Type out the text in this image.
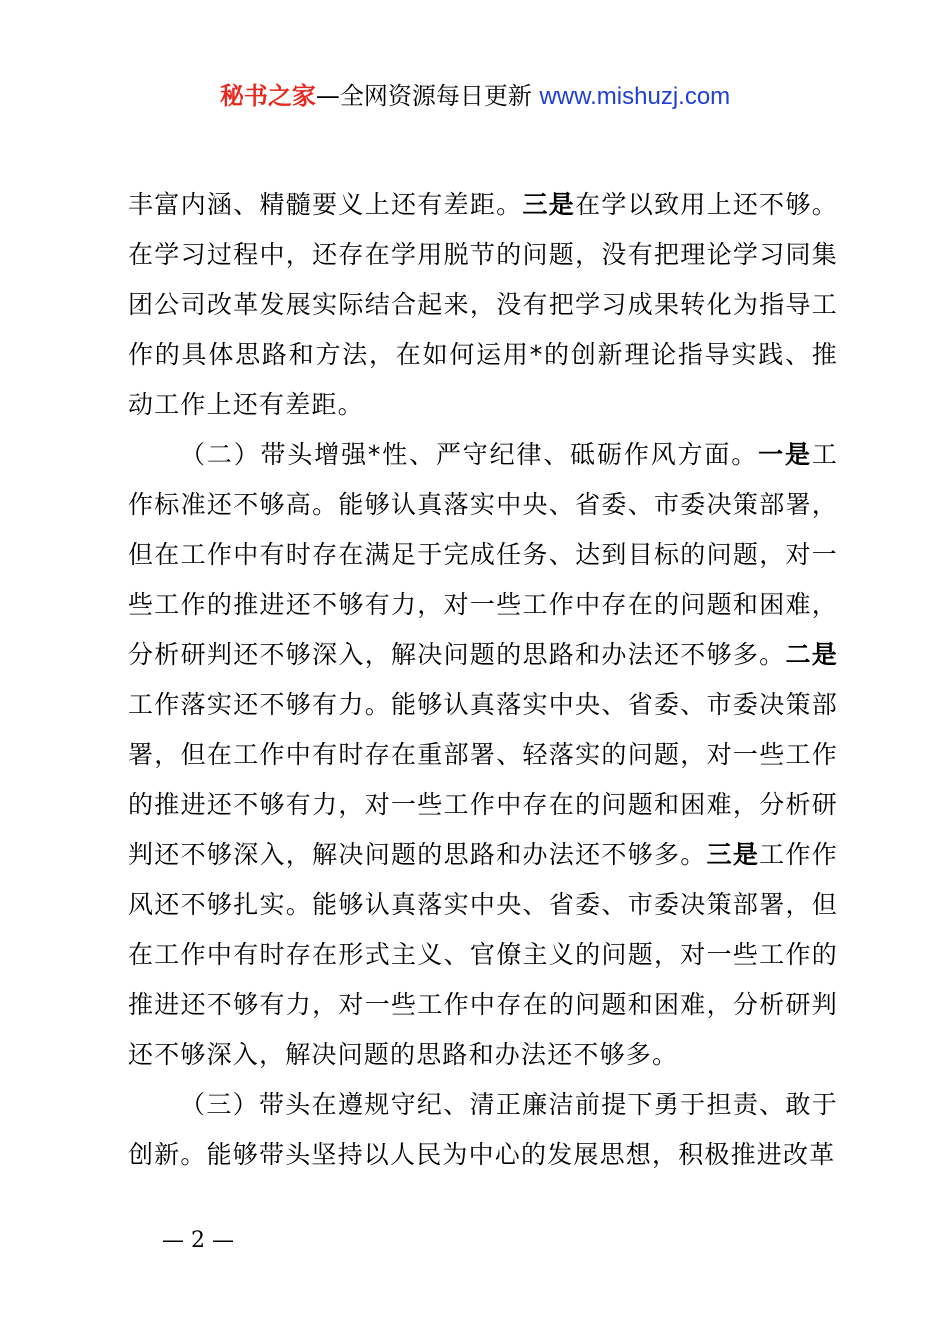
秘书之家—全网资源每日更新 www.mishuzj.com

丰富内涵、精髓要义上还有差距。三是在学以致用上还不够。在学习过程中，还存在学用脱节的问题，没有把理论学习同集团公司改革发展实际结合起来，没有把学习成果转化为指导工作的具体思路和方法，在如何运用*的创新理论指导实践、推动工作上还有差距。

（二）带头增强*性、严守纪律、砥砺作风方面。一是工作标准还不够高。能够认真落实中央、省委、市委决策部署，但在工作中有时存在满足于完成任务、达到目标的问题，对一些工作的推进还不够有力，对一些工作中存在的问题和困难，分析研判还不够深入，解决问题的思路和办法还不够多。二是工作落实还不够有力。能够认真落实中央、省委、市委决策部署，但在工作中有时存在重部署、轻落实的问题，对一些工作的推进还不够有力，对一些工作中存在的问题和困难，分析研判还不够深入，解决问题的思路和办法还不够多。三是工作作风还不够扎实。能够认真落实中央、省委、市委决策部署，但在工作中有时存在形式主义、官僚主义的问题，对一些工作的推进还不够有力，对一些工作中存在的问题和困难，分析研判还不够深入，解决问题的思路和办法还不够多。

（三）带头在遵规守纪、清正廉洁前提下勇于担责、敢于创新。能够带头坚持以人民为中心的发展思想，积极推进改革

— 2 —
